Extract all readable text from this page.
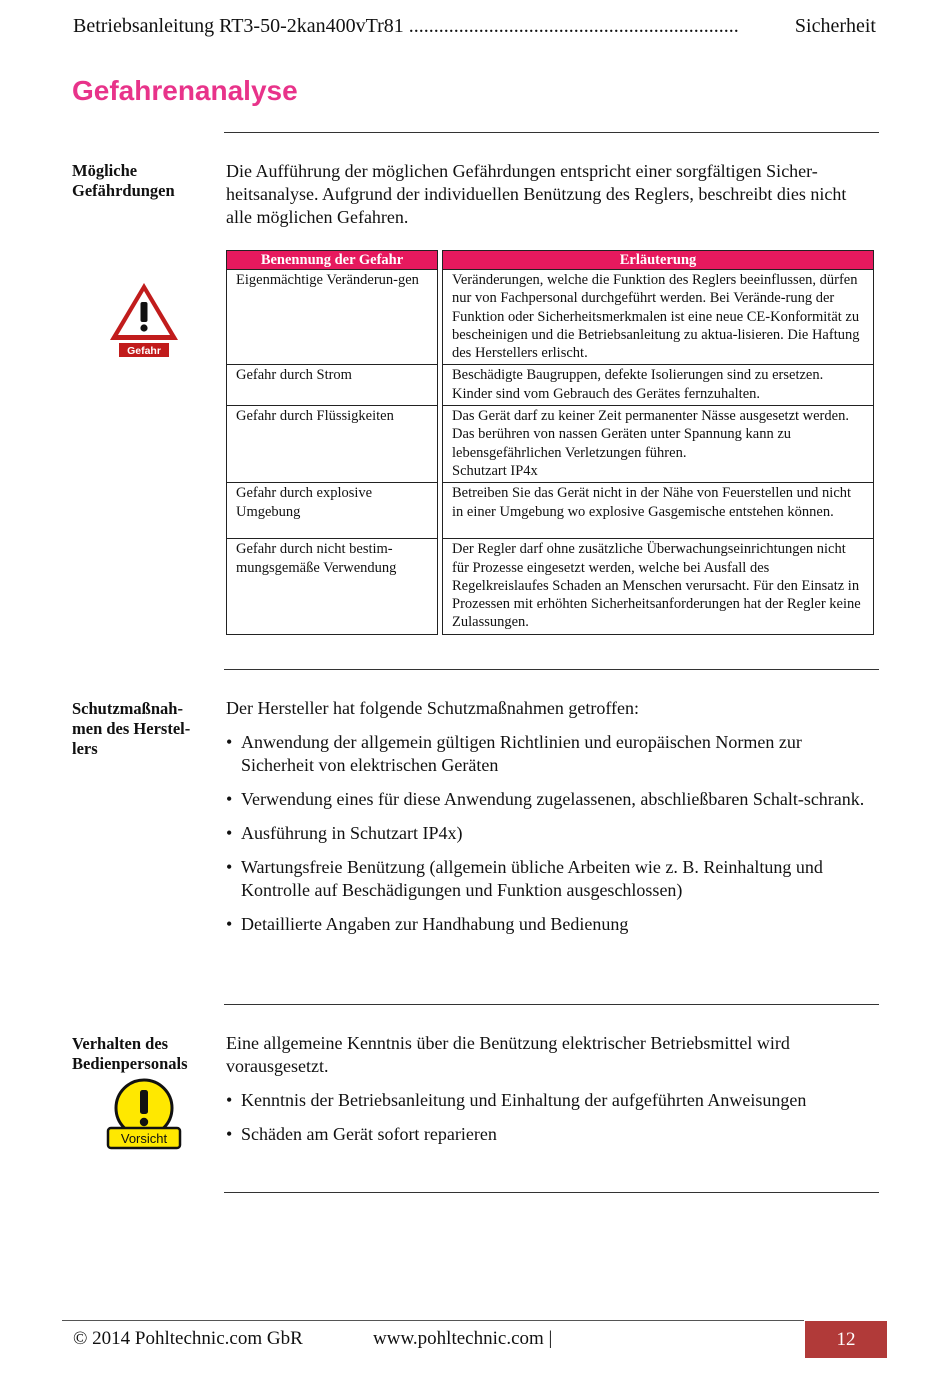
Betriebsanleitung RT3-50-2kan400vTr81 ..................................................................	Sicherheit
Gefahrenanalyse
Mögliche
Gefährdungen
Die Aufführung der möglichen Gefährdungen entspricht einer sorgfältigen Sicher-heitsanalyse. Aufgrund der individuellen Benützung des Reglers, beschreibt dies nicht alle möglichen Gefahren.
Gefahr
Benennung der Gefahr		Erläuterung
Eigenmächtige Veränderun-gen		Veränderungen, welche die Funktion des Reglers beeinflussen, dürfen nur von Fachpersonal durchgeführt werden. Bei Verände-rung der Funktion oder Sicherheitsmerkmalen ist eine neue CE-Konformität zu bescheinigen und die Betriebsanleitung zu aktua-lisieren. Die Haftung des Herstellers erlischt.
Gefahr durch Strom		Beschädigte Baugruppen, defekte Isolierungen sind zu ersetzen. Kinder sind vom Gebrauch des Gerätes fernzuhalten.
Gefahr durch Flüssigkeiten		Das Gerät darf zu keiner Zeit permanenter Nässe ausgesetzt werden. Das berühren von nassen Geräten unter Spannung kann zu lebensgefährlichen Verletzungen führen.
Schutzart IP4x

Gefahr durch explosive Umgebung		Betreiben Sie das Gerät nicht in der Nähe von Feuerstellen und nicht in einer Umgebung wo explosive Gasgemische entstehen können.
Gefahr durch nicht bestim-mungsgemäße Verwendung		Der Regler darf ohne zusätzliche Überwachungseinrichtungen nicht für Prozesse eingesetzt werden, welche bei Ausfall des Regelkreislaufes Schaden an Menschen verursacht. Für den Einsatz in Prozessen mit erhöhten Sicherheitsanforderungen hat der Regler keine Zulassungen.
Schutzmaßnah-
men des Herstel-
lers
Der Hersteller hat folgende Schutzmaßnahmen getroffen:
• Anwendung der allgemein gültigen Richtlinien und europäischen Normen zur Sicherheit von elektrischen Geräten
• Verwendung eines für diese Anwendung zugelassenen, abschließbaren Schalt-schrank.
• Ausführung in Schutzart IP4x)
• Wartungsfreie Benützung (allgemein übliche Arbeiten wie z. B. Reinhaltung und Kontrolle auf Beschädigungen und Funktion ausgeschlossen)
• Detaillierte Angaben zur Handhabung und Bedienung
Verhalten des
Bedienpersonals
Eine allgemeine Kenntnis über die Benützung elektrischer Betriebsmittel wird vorausgesetzt.
Vorsicht
• Kenntnis der Betriebsanleitung und Einhaltung der aufgeführten Anweisungen
• Schäden am Gerät sofort reparieren
© 2014 Pohltechnic.com GbR	www.pohltechnic.com |	12
